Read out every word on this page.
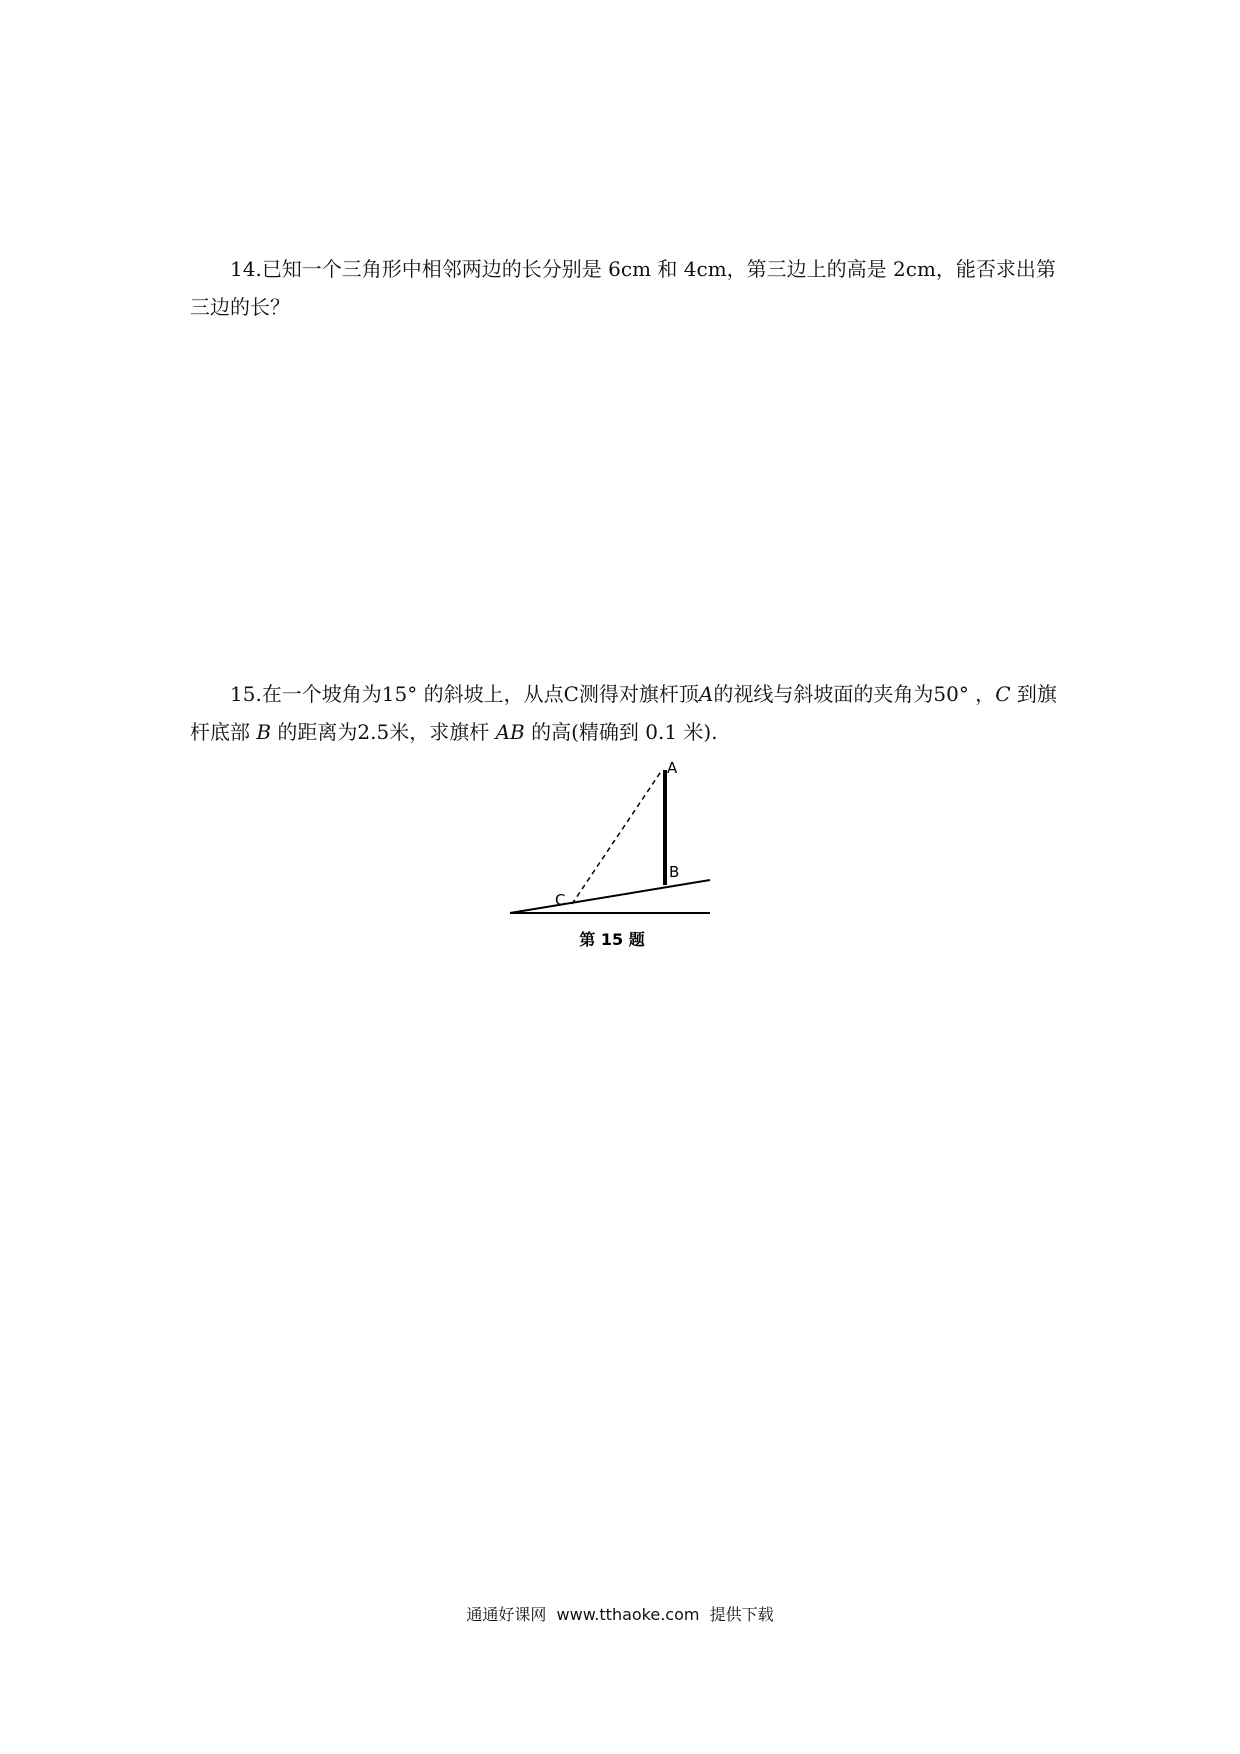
14.已知一个三角形中相邻两边的长分别是 6cm 和 4cm，第三边上的高是 2cm，能否求出第三边的长？

15.在一个坡角为15° 的斜坡上，从点C测得对旗杆顶A的视线与斜坡面的夹角为50° ，C 到旗杆底部 B 的距离为2.5米，求旗杆 AB 的高(精确到 0.1 米).

A
B
C
第 15 题
通通好课网  www.tthaoke.com  提供下载
